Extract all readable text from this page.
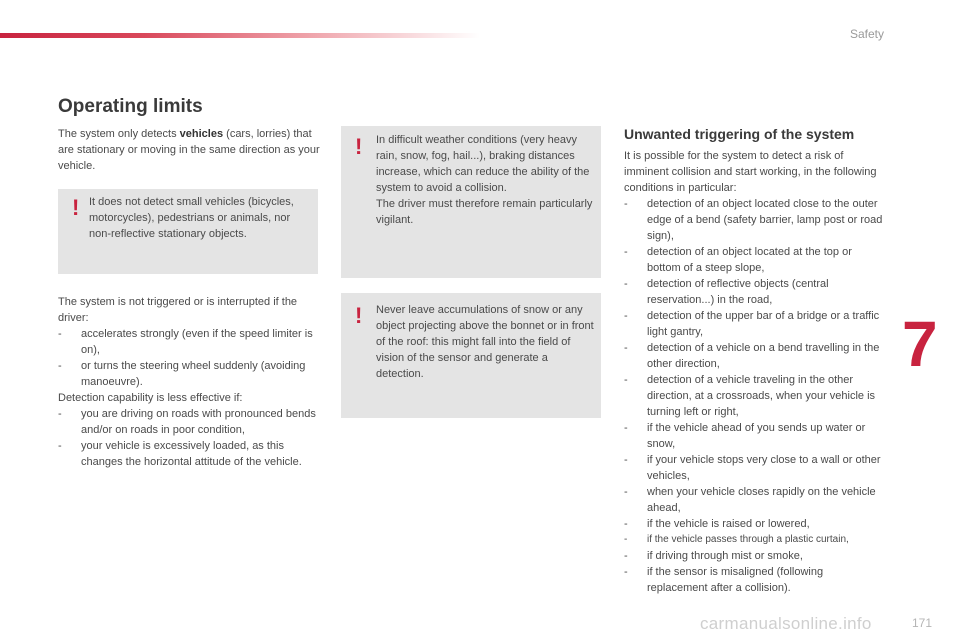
Safety
7
Operating limits
The system only detects vehicles (cars, lorries) that are stationary or moving in the same direction as your vehicle.
! It does not detect small vehicles (bicycles, motorcycles), pedestrians or animals, nor non-reflective stationary objects.
The system is not triggered or is interrupted if the driver:
- accelerates strongly (even if the speed limiter is on),
- or turns the steering wheel suddenly (avoiding manoeuvre).
Detection capability is less effective if:
- you are driving on roads with pronounced bends and/or on roads in poor condition,
- your vehicle is excessively loaded, as this changes the horizontal attitude of the vehicle.
! In difficult weather conditions (very heavy rain, snow, fog, hail...), braking distances increase, which can reduce the ability of the system to avoid a collision.
The driver must therefore remain particularly vigilant.
! Never leave accumulations of snow or any object projecting above the bonnet or in front of the roof: this might fall into the field of vision of the sensor and generate a detection.
Unwanted triggering of the system
It is possible for the system to detect a risk of imminent collision and start working, in the following conditions in particular:
- detection of an object located close to the outer edge of a bend (safety barrier, lamp post or road sign),
- detection of an object located at the top or bottom of a steep slope,
- detection of reflective objects (central reservation...) in the road,
- detection of the upper bar of a bridge or a traffic light gantry,
- detection of a vehicle on a bend travelling in the other direction,
- detection of a vehicle traveling in the other direction, at a crossroads, when your vehicle is turning left or right,
- if the vehicle ahead of you sends up water or snow,
- if your vehicle stops very close to a wall or other vehicles,
- when your vehicle closes rapidly on the vehicle ahead,
- if the vehicle is raised or lowered,
- if the vehicle passes through a plastic curtain,
- if driving through mist or smoke,
- if the sensor is misaligned (following replacement after a collision).
carmanualsonline.info	171
